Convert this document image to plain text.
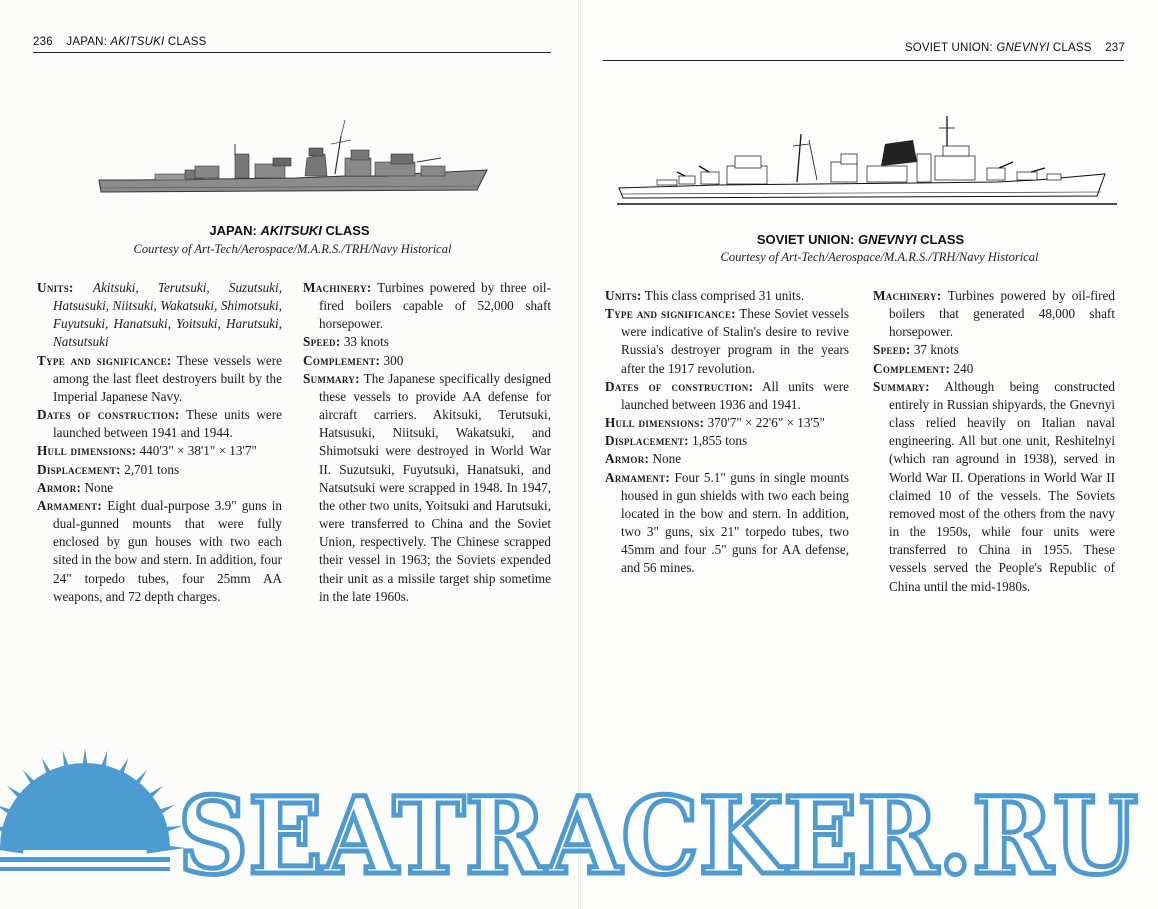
236 JAPAN: AKITSUKI CLASS
JAPAN: AKITSUKI CLASS
Courtesy of Art-Tech/Aerospace/M.A.R.S./TRH/Navy Historical
Units: Akitsuki, Terutsuki, Suzutsuki, Hatsusuki, Niitsuki, Wakatsuki, Shimotsuki, Fuyutsuki, Hanatsuki, Yoitsuki, Harutsuki, Natsutsuki
Type and significance: These vessels were among the last fleet destroyers built by the Imperial Japanese Navy.
Dates of construction: These units were launched between 1941 and 1944.
Hull dimensions: 440'3" × 38'1" × 13'7"
Displacement: 2,701 tons
Armor: None
Armament: Eight dual-purpose 3.9" guns in dual-gunned mounts that were fully enclosed by gun houses with two each sited in the bow and stern. In addition, four 24" torpedo tubes, four 25mm AA weapons, and 72 depth charges.
Machinery: Turbines powered by three oil-fired boilers capable of 52,000 shaft horsepower.
Speed: 33 knots
Complement: 300
Summary: The Japanese specifically designed these vessels to provide AA defense for aircraft carriers. Akitsuki, Terutsuki, Hatsusuki, Niitsuki, Wakatsuki, and Shimotsuki were destroyed in World War II. Suzutsuki, Fuyutsuki, Hanatsuki, and Natsutsuki were scrapped in 1948. In 1947, the other two units, Yoitsuki and Harutsuki, were transferred to China and the Soviet Union, respectively. The Chinese scrapped their vessel in 1963; the Soviets expended their unit as a missile target ship sometime in the late 1960s.
SOVIET UNION: GNEVNYI CLASS 237
SOVIET UNION: GNEVNYI CLASS
Courtesy of Art-Tech/Aerospace/M.A.R.S./TRH/Navy Historical
Units: This class comprised 31 units.
Type and significance: These Soviet vessels were indicative of Stalin's desire to revive Russia's destroyer program in the years after the 1917 revolution.
Dates of construction: All units were launched between 1936 and 1941.
Hull dimensions: 370'7" × 22'6" × 13'5"
Displacement: 1,855 tons
Armor: None
Armament: Four 5.1" guns in single mounts housed in gun shields with two each being located in the bow and stern. In addition, two 3" guns, six 21" torpedo tubes, two 45mm and four .5" guns for AA defense, and 56 mines.
Machinery: Turbines powered by oil-fired boilers that generated 48,000 shaft horsepower.
Speed: 37 knots
Complement: 240
Summary: Although being constructed entirely in Russian shipyards, the Gnevnyi class relied heavily on Italian naval engineering. All but one unit, Reshitelnyi (which ran aground in 1938), served in World War II. Operations in World War II claimed 10 of the vessels. The Soviets removed most of the others from the navy in the 1950s, while four units were transferred to China in 1955. These vessels served the People's Republic of China until the mid-1980s.
SEATRACKER.RU
